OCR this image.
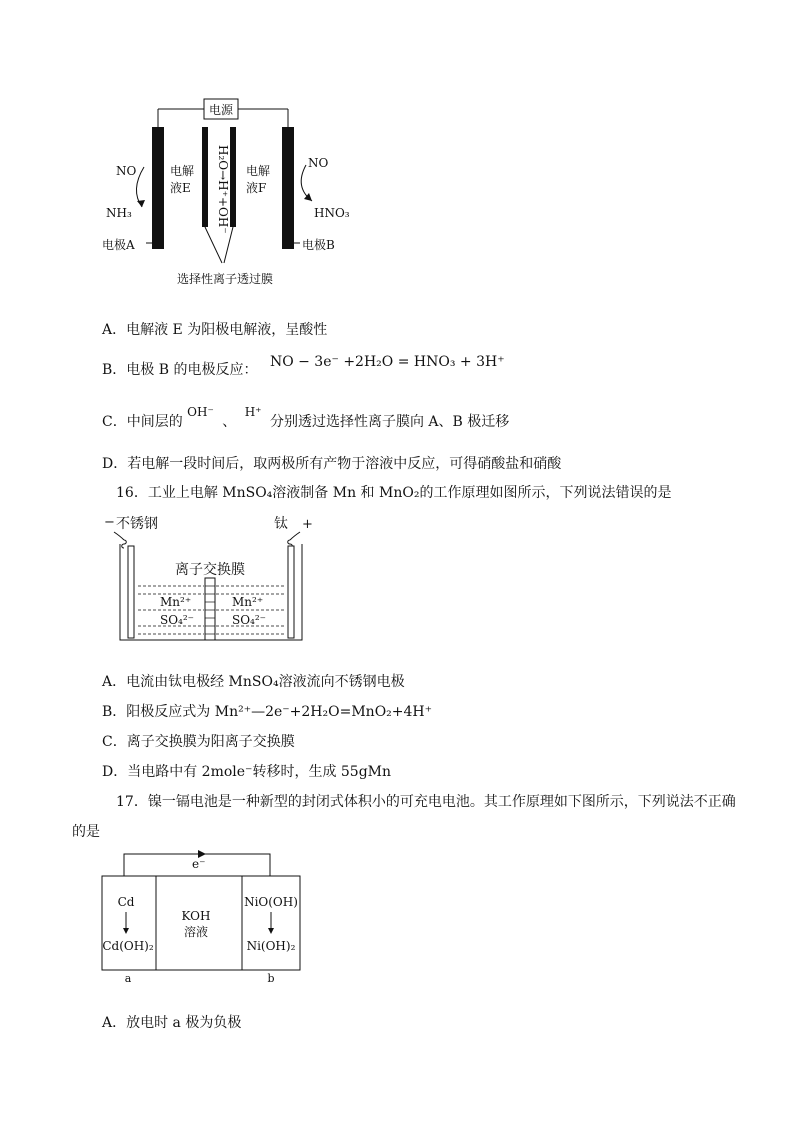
电源
H₂O→H⁺+OH⁻
电解
液E
电解
液F
NO
NH₃
NO
HNO₃
电极A	电极B
选择性离子透过膜
A．电解液 E 为阳极电解液，呈酸性
B．电极 B 的电极反应： NO − 3e⁻ +2H₂O = HNO₃ + 3H⁺
C．中间层的 OH⁻ 、 H⁺ 分别透过选择性离子膜向 A、B 极迁移
D．若电解一段时间后，取两极所有产物于溶液中反应，可得硝酸盐和硝酸
16．工业上电解 MnSO₄溶液制备 Mn 和 MnO₂的工作原理如图所示，下列说法错误的是
− 不锈钢	钛 +
离子交换膜
Mn²⁺
SO₄²⁻
Mn²⁺
SO₄²⁻
A．电流由钛电极经 MnSO₄溶液流向不锈钢电极
B．阳极反应式为 Mn²⁺—2e⁻+2H₂O=MnO₂+4H⁺
C．离子交换膜为阳离子交换膜
D．当电路中有 2mole⁻转移时，生成 55gMn
17．镍一镉电池是一种新型的封闭式体积小的可充电电池。其工作原理如下图所示，下列说法不正确
的是
e⁻
Cd
Cd(OH)₂
KOH
溶液
NiO(OH)
Ni(OH)₂
a	b
A．放电时 a 极为负极
